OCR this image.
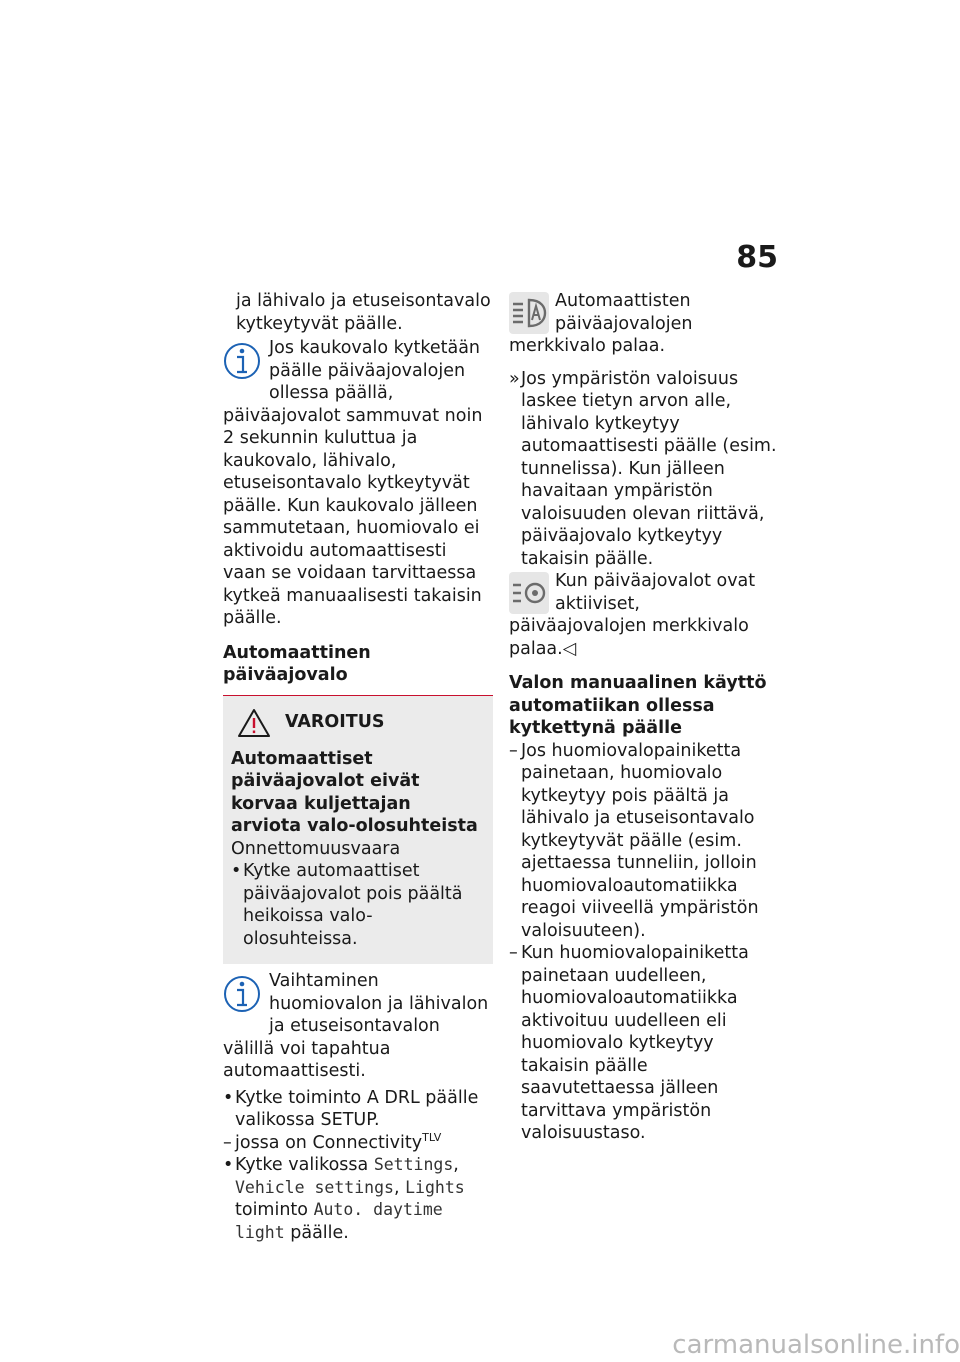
85

ja lähivalo ja etuseisontavalo

kytkeytyvät päälle.

Jos kaukovalo kytketään päälle päiväajovalojen ollessa päällä, päiväajovalot sammuvat noin 2 sekunnin kuluttua ja kaukovalo, lähivalo, etuseisontavalo kytkeytyvät päälle. Kun kaukovalo jälleen sammutetaan, huomiovalo ei aktivoidu automaattisesti vaan se voidaan tarvittaessa kytkeä manuaalisesti takaisin päälle.

Automaattinen päiväajovalo

VAROITUS

Automaattiset päiväajovalot eivät korvaa kuljettajan arviota valo-olosuhteista

Onnettomuusvaara

• Kytke automaattiset päiväajovalot pois päältä heikoissa valo-olosuhteissa.

Vaihtaminen huomiovalon ja lähivalon ja etuseisontavalon välillä voi tapahtua automaattisesti.

• Kytke toiminto A DRL päälle valikossa SETUP.
– jossa on Connectivity$^{TLV}$
• Kytke valikossa Settings, Vehicle settings, Lights toiminto Auto. daytime light päälle.

Automaattisten päiväajovalojen merkkivalo palaa.

» Jos ympäristön valoisuus laskee tietyn arvon alle, lähivalo kytkeytyy automaattisesti päälle (esim. tunnelissa). Kun jälleen havaitaan ympäristön valoisuuden olevan riittävä, päiväajovalo kytkeytyy takaisin päälle.

Kun päiväajovalot ovat aktiiviset, päiväajovalojen merkkivalo palaa.◁

Valon manuaalinen käyttö automatiikan ollessa kytkettynä päälle

– Jos huomiovalopainiketta painetaan, huomiovalo kytkeytyy pois päältä ja lähivalo ja etuseisontavalo kytkeytyvät päälle (esim. ajettaessa tunneliin, jolloin huomiovaloautomatiikka reagoi viiveellä ympäristön valoisuuteen).
– Kun huomiovalopainiketta painetaan uudelleen, huomiovaloautomatiikka aktivoituu uudelleen eli huomiovalo kytkeytyy takaisin päälle saavutettaessa jälleen tarvittava ympäristön valoisuustaso.
carmanualsonline.info
